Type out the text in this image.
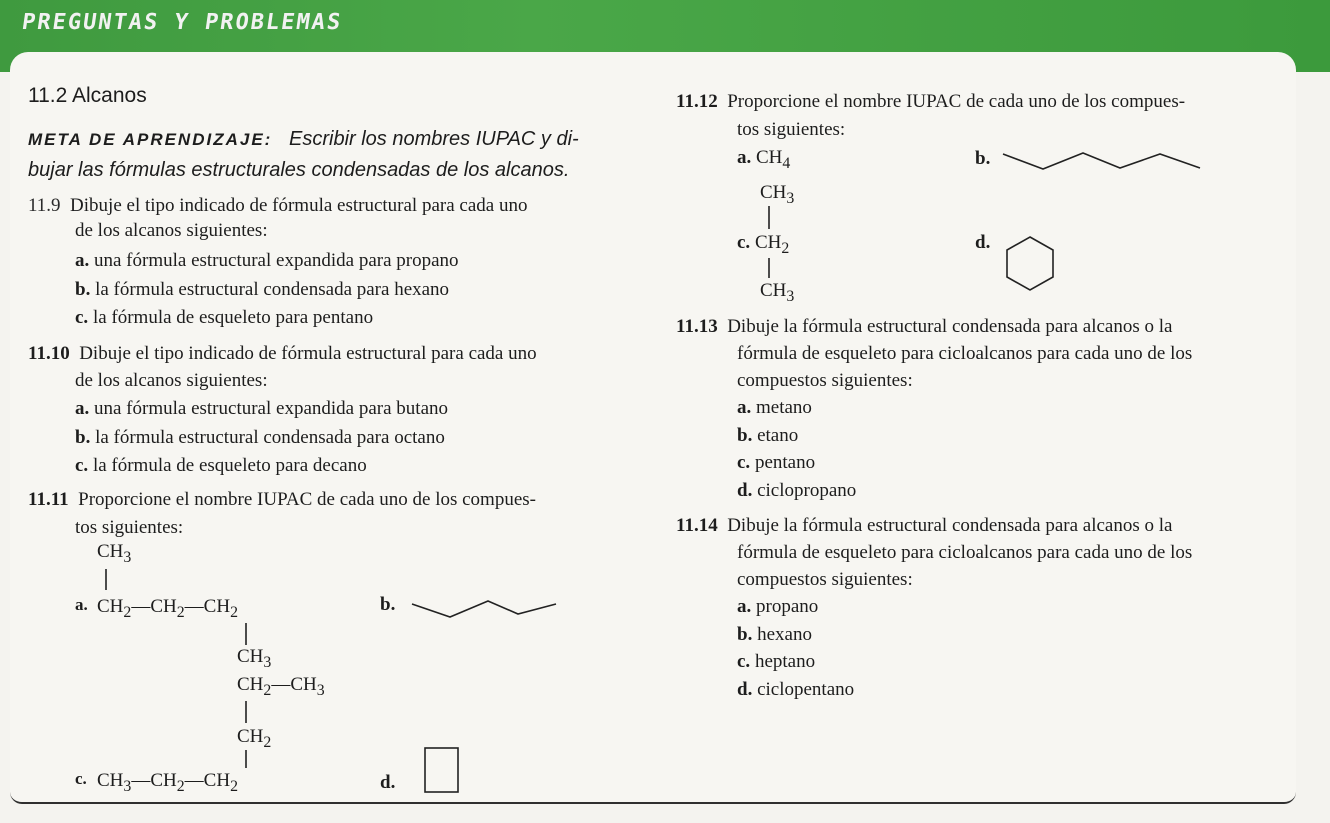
PREGUNTAS Y PROBLEMAS
11.2 Alcanos
META DE APRENDIZAJE: Escribir los nombres IUPAC y di-
bujar las fórmulas estructurales condensadas de los alcanos.
11.9 Dibuje el tipo indicado de fórmula estructural para cada uno
de los alcanos siguientes:
a. una fórmula estructural expandida para propano
b. la fórmula estructural condensada para hexano
c. la fórmula de esqueleto para pentano
11.10 Dibuje el tipo indicado de fórmula estructural para cada uno
de los alcanos siguientes:
a. una fórmula estructural expandida para butano
b. la fórmula estructural condensada para octano
c. la fórmula de esqueleto para decano
11.11 Proporcione el nombre IUPAC de cada uno de los compues-
tos siguientes:
$CH_3$
a. $CH_2—CH_2—CH_2$
$CH_3$
$CH_2—CH_3$
$CH_2$
c. $CH_3—CH_2—CH_2$
b.
d.
11.12 Proporcione el nombre IUPAC de cada uno de los compues-
tos siguientes:
a. $CH_4$	b.
$CH_3$
c. $CH_2$
$CH_3$
d.
11.13 Dibuje la fórmula estructural condensada para alcanos o la
fórmula de esqueleto para cicloalcanos para cada uno de los
compuestos siguientes:
a. metano
b. etano
c. pentano
d. ciclopropano
11.14 Dibuje la fórmula estructural condensada para alcanos o la
fórmula de esqueleto para cicloalcanos para cada uno de los
compuestos siguientes:
a. propano
b. hexano
c. heptano
d. ciclopentano
